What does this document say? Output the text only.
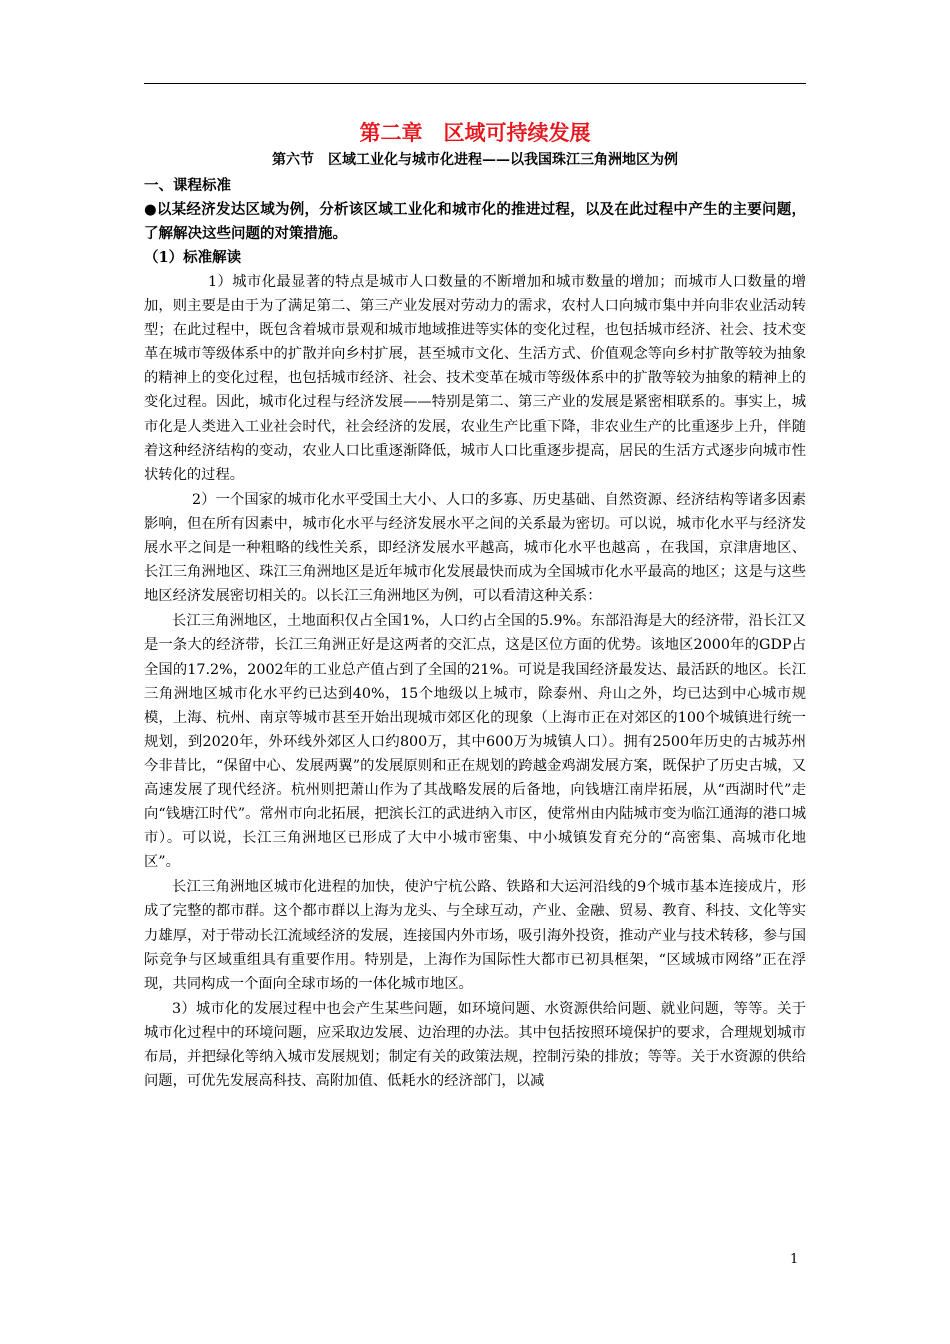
第二章　区域可持续发展
第六节　区域工业化与城市化进程——以我国珠江三角洲地区为例

一、课程标准

●以某经济发达区域为例，分析该区域工业化和城市化的推进过程，以及在此过程中产生的主要问题，了解解决这些问题的对策措施。

（1）标准解读

1）城市化最显著的特点是城市人口数量的不断增加和城市数量的增加；而城市人口数量的增加，则主要是由于为了满足第二、第三产业发展对劳动力的需求，农村人口向城市集中并向非农业活动转型；在此过程中，既包含着城市景观和城市地域推进等实体的变化过程，也包括城市经济、社会、技术变革在城市等级体系中的扩散并向乡村扩展，甚至城市文化、生活方式、价值观念等向乡村扩散等较为抽象的精神上的变化过程，也包括城市经济、社会、技术变革在城市等级体系中的扩散等较为抽象的精神上的变化过程。因此，城市化过程与经济发展——特别是第二、第三产业的发展是紧密相联系的。事实上，城市化是人类进入工业社会时代，社会经济的发展，农业生产比重下降，非农业生产的比重逐步上升，伴随着这种经济结构的变动，农业人口比重逐渐降低，城市人口比重逐步提高，居民的生活方式逐步向城市性状转化的过程。

2）一个国家的城市化水平受国土大小、人口的多寡、历史基础、自然资源、经济结构等诸多因素影响，但在所有因素中，城市化水平与经济发展水平之间的关系最为密切。可以说，城市化水平与经济发展水平之间是一种粗略的线性关系，即经济发展水平越高，城市化水平也越高 ，在我国，京津唐地区、长江三角洲地区、珠江三角洲地区是近年城市化发展最快而成为全国城市化水平最高的地区；这是与这些地区经济发展密切相关的。以长江三角洲地区为例，可以看清这种关系：

长江三角洲地区，土地面积仅占全国1%，人口约占全国的5.9%。东部沿海是大的经济带，沿长江又是一条大的经济带，长江三角洲正好是这两者的交汇点，这是区位方面的优势。该地区2000年的GDP占全国的17.2%，2002年的工业总产值占到了全国的21%。可说是我国经济最发达、最活跃的地区。长江三角洲地区城市化水平约已达到40%，15个地级以上城市，除泰州、舟山之外，均已达到中心城市规模，上海、杭州、南京等城市甚至开始出现城市郊区化的现象（上海市正在对郊区的100个城镇进行统一规划，到2020年，外环线外郊区人口约800万，其中600万为城镇人口）。拥有2500年历史的古城苏州今非昔比，“保留中心、发展两翼”的发展原则和正在规划的跨越金鸡湖发展方案，既保护了历史古城，又高速发展了现代经济。杭州则把萧山作为了其战略发展的后备地，向钱塘江南岸拓展，从“西湖时代”走向“钱塘江时代”。常州市向北拓展，把滨长江的武进纳入市区，使常州由内陆城市变为临江通海的港口城市）。可以说，长江三角洲地区已形成了大中小城市密集、中小城镇发育充分的“高密集、高城市化地区”。

长江三角洲地区城市化进程的加快，使沪宁杭公路、铁路和大运河沿线的9个城市基本连接成片，形成了完整的都市群。这个都市群以上海为龙头、与全球互动，产业、金融、贸易、教育、科技、文化等实力雄厚，对于带动长江流域经济的发展，连接国内外市场，吸引海外投资，推动产业与技术转移，参与国际竞争与区域重组具有重要作用。特别是，上海作为国际性大都市已初具框架，“区域城市网络”正在浮现，共同构成一个面向全球市场的一体化城市地区。

3）城市化的发展过程中也会产生某些问题，如环境问题、水资源供给问题、就业问题，等等。关于城市化过程中的环境问题，应采取边发展、边治理的办法。其中包括按照环境保护的要求，合理规划城市布局，并把绿化等纳入城市发展规划；制定有关的政策法规，控制污染的排放；等等。关于水资源的供给问题，可优先发展高科技、高附加值、低耗水的经济部门，以减

1
